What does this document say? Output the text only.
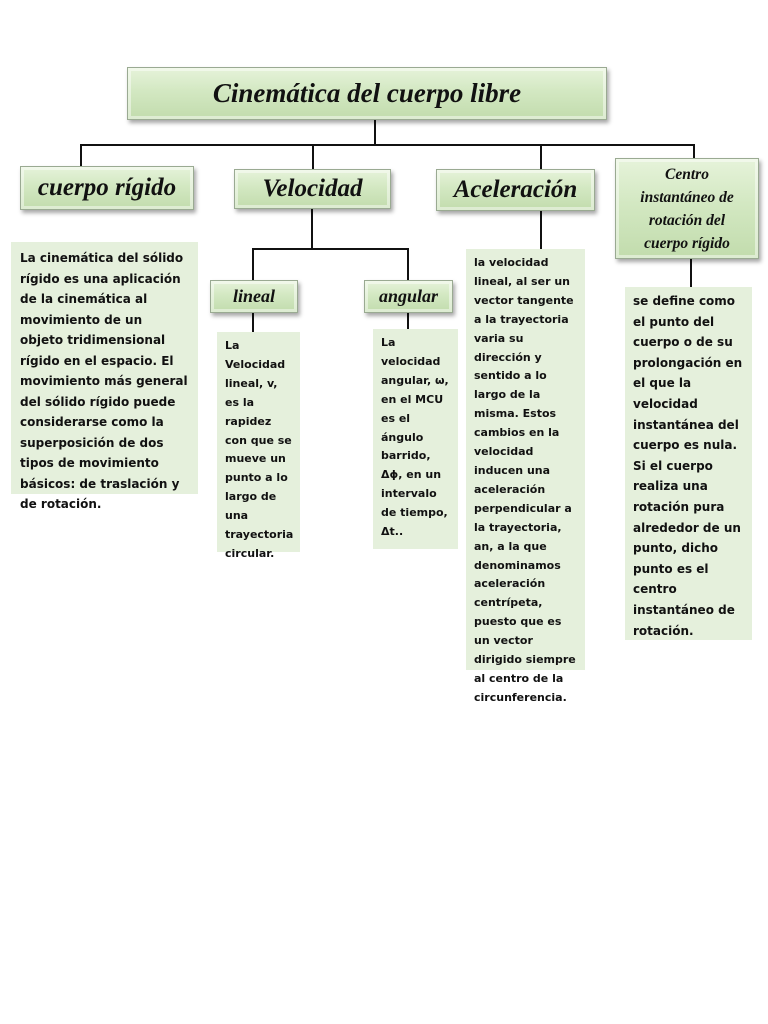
Cinemática del cuerpo libre
cuerpo rígido	Velocidad	Aceleración
Centro instantáneo de rotación del cuerpo rígido
lineal	angular
La cinemática del sólido rígido es una aplicación de la cinemática al movimiento de un objeto tridimensional rígido en el espacio. El movimiento más general del sólido rígido puede considerarse como la superposición de dos tipos de movimiento básicos: de traslación y de rotación.
La Velocidad lineal, v, es la rapidez con que se mueve un punto a lo largo de una trayectoria circular.
La velocidad angular, ω, en el MCU es el ángulo barrido, Δϕ, en un intervalo de tiempo, Δt..
la velocidad lineal, al ser un vector tangente a la trayectoria varia su dirección y sentido a lo largo de la misma. Estos cambios en la velocidad inducen una aceleración perpendicular a la trayectoria, an, a la que denominamos aceleración centrípeta, puesto que es un vector dirigido siempre al centro de la circunferencia.
se define como el punto del cuerpo o de su prolongación en el que la velocidad instantánea del cuerpo es nula. Si el cuerpo realiza una rotación pura alrededor de un punto, dicho punto es el centro instantáneo de rotación.
